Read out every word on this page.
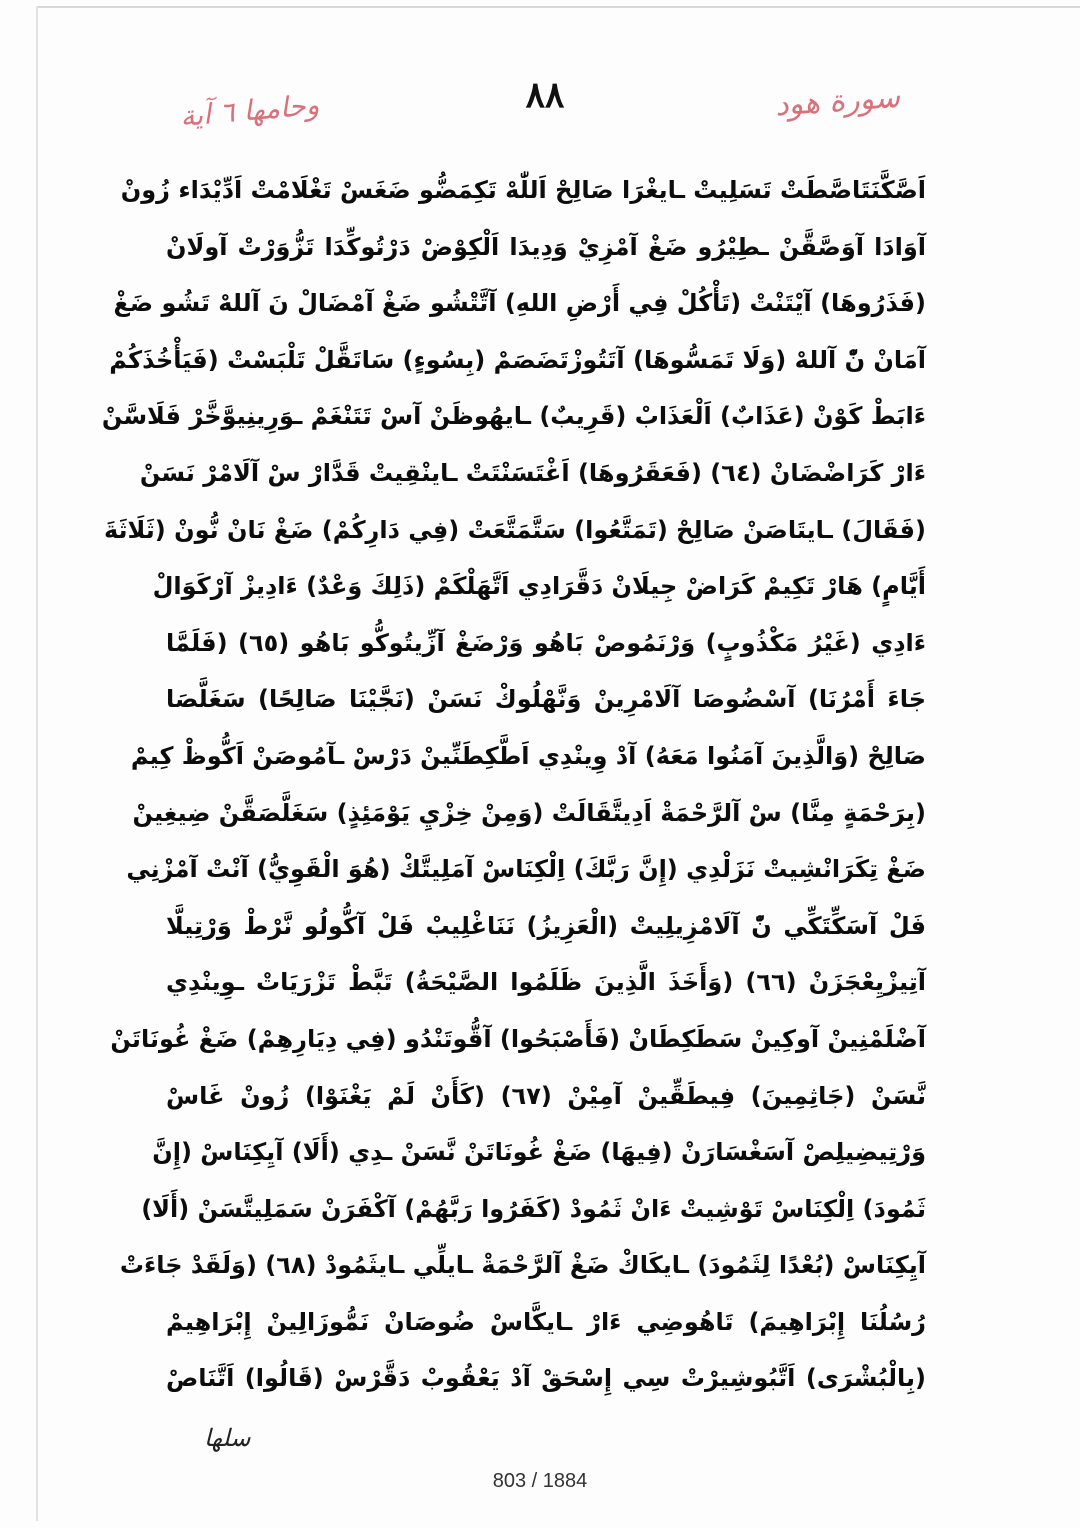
٨٨	سورة هود
وحامها ٦ آية
اَصَّكَّنَتَاصَّطَتْ تَسَلِيتْ ـايغْرَا صَالِحْ اَللّٰهْ تَكِمَضُّو ضَغَسْ تَغْلَامْتْ اَدِّيْدَاء زُونْ
آوَادَا آوَصَّقَّنْ ـطِيْرُو ضَغْ آمْزِيْ وَدِيدَا اَلْكِوْضْ دَرْتُوكِّدَا تَزُّوَرْتْ آولَانْ
(فَذَرُوهَا) آيْتَنْتْ (تَأْكُلْ فِي أَرْضِ اللهِ) آتَّتْشُو ضَغْ آمْضَالْ نَ آللهْ تَشُو ضَغْ
آمَانْ نّْ آللهْ (وَلَا تَمَسُّوهَا) آتَتُوزْتَضَصَمْ (بِسُوءٍ) سَاتَقَّلْ تَلْبَسْتْ (فَيَأْخُذَكُمْ
ءَابَطْ كَوْنْ (عَذَابٌ) اَلْعَذَابْ (قَرِيبٌ) ـايهُوظَنْ آسْ تَتَنْغَمْ ـوَرِينِيوَّخَّرْ فَلَاسَّنْ
ءَارْ كَرَاضْضَانْ (٦٤) (فَعَقَرُوهَا) اَغْتَسَنْتَتْ ـاينْقِيتْ قَدَّارْ سْ آلَامْرْ نَسَنْ
(فَقَالَ) ـايتَاصَنْ صَالِحْ (تَمَتَّعُوا) سَتَّمَتَّعَتْ (فِي دَارِكُمْ) ضَغْ نَانْ نُّونْ (ثَلَاثَةَ
أَيَّامٍ) هَارْ تَكِيمْ كَرَاضْ جِيلَانْ دَقَّرَادِي اَتَّهَلْكَمْ (ذَلِكَ وَعْدٌ) ءَادِيزْ آرْكَوَالْ
ءَادِي (غَيْرُ مَكْذُوبٍ) وَرْنَمُوصْ بَاهُو وَرْضَغْ آزِّيتُوكُّو بَاهُو (٦٥) (فَلَمَّا
جَاءَ أَمْرُنَا) آسْضُوصَا آلَامْرِينْ وَنَّهْلُوكْ نَسَنْ (نَجَّيْنَا صَالِحًا) سَغَلَّصَا
صَالِحْ (وَالَّذِينَ آمَنُوا مَعَهُ) آدْ وِينْدِي اَطَّكِطَنِّينْ دَرْسْ ـآمُوصَنْ اَكُّوظْ كِيمْ
(بِرَحْمَةٍ مِنَّا) سْ آلرَّحْمَةْ اَدِيتَّقَالَتْ (وَمِنْ خِزْيِ يَوْمَئِذٍ) سَغَلَّصَقَّنْ ضِيغِينْ
ضَغْ تِكَرَانْشِيتْ نَزَلْدِي (إِنَّ رَبَّكَ) اِلْكِنَاسْ آمَلِيتَّكْ (هُوَ الْقَوِيُّ) آنْتْ آمْزْنِي
فَلْ آسَكِّتَكِّي نّْ آلَامْزِيلِيتْ (الْعَزِيزُ) نَنَاغْلِيبْ فَلْ آكُّولُو نَّرْطْ وَرْتِيلَّا
آتِيزْيِعْجَزَنْ (٦٦) (وَأَخَذَ الَّذِينَ ظَلَمُوا الصَّيْحَةُ) تَبَّطْ تَزْرَيَاتْ ـوِينْدِي
آضْلَمْنِينْ آوكِينْ سَطَكِطَانْ (فَأَصْبَحُوا) آقُّوتَنْدُو (فِي دِيَارِهِمْ) ضَغْ غُونَاتَنْ
نَّسَنْ (جَاثِمِينَ) فِيطَقِّينْ آمِيْنْ (٦٧) (كَأَنْ لَمْ يَغْنَوْا) زُونْ غَاسْ
وَرْتِيضِيلِصْ آسَغْسَارَنْ (فِيهَا) ضَغْ غُونَاتَنْ نَّسَنْ ـدِي (أَلَا) آيِكِنَاسْ (إِنَّ
ثَمُودَ) اِلْكِنَاسْ تَوْشِيتْ ءَانْ ثَمُودْ (كَفَرُوا رَبَّهُمْ) آكْفَرَنْ سَمَلِيتَّسَنْ (أَلَا)
آيِكِنَاسْ (بُعْدًا لِثَمُودَ) ـايكَاكْ ضَغْ آلرَّحْمَةْ ـايلِّي ـايثَمُودْ (٦٨) (وَلَقَدْ جَاءَتْ
رُسُلُنَا إِبْرَاهِيمَ) تَاهُوضِي ءَارْ ـايكَّاسْ ضُوصَانْ نَمُّوزَالِينْ إِبْرَاهِيمْ
(بِالْبُشْرَى) اَتَّبُوشِيرْتْ سِي إِسْحَقْ آدْ يَعْقُوبْ دَقَّرْسْ (قَالُوا) اَتَّنَاصْ
سلها
803 / 1884
